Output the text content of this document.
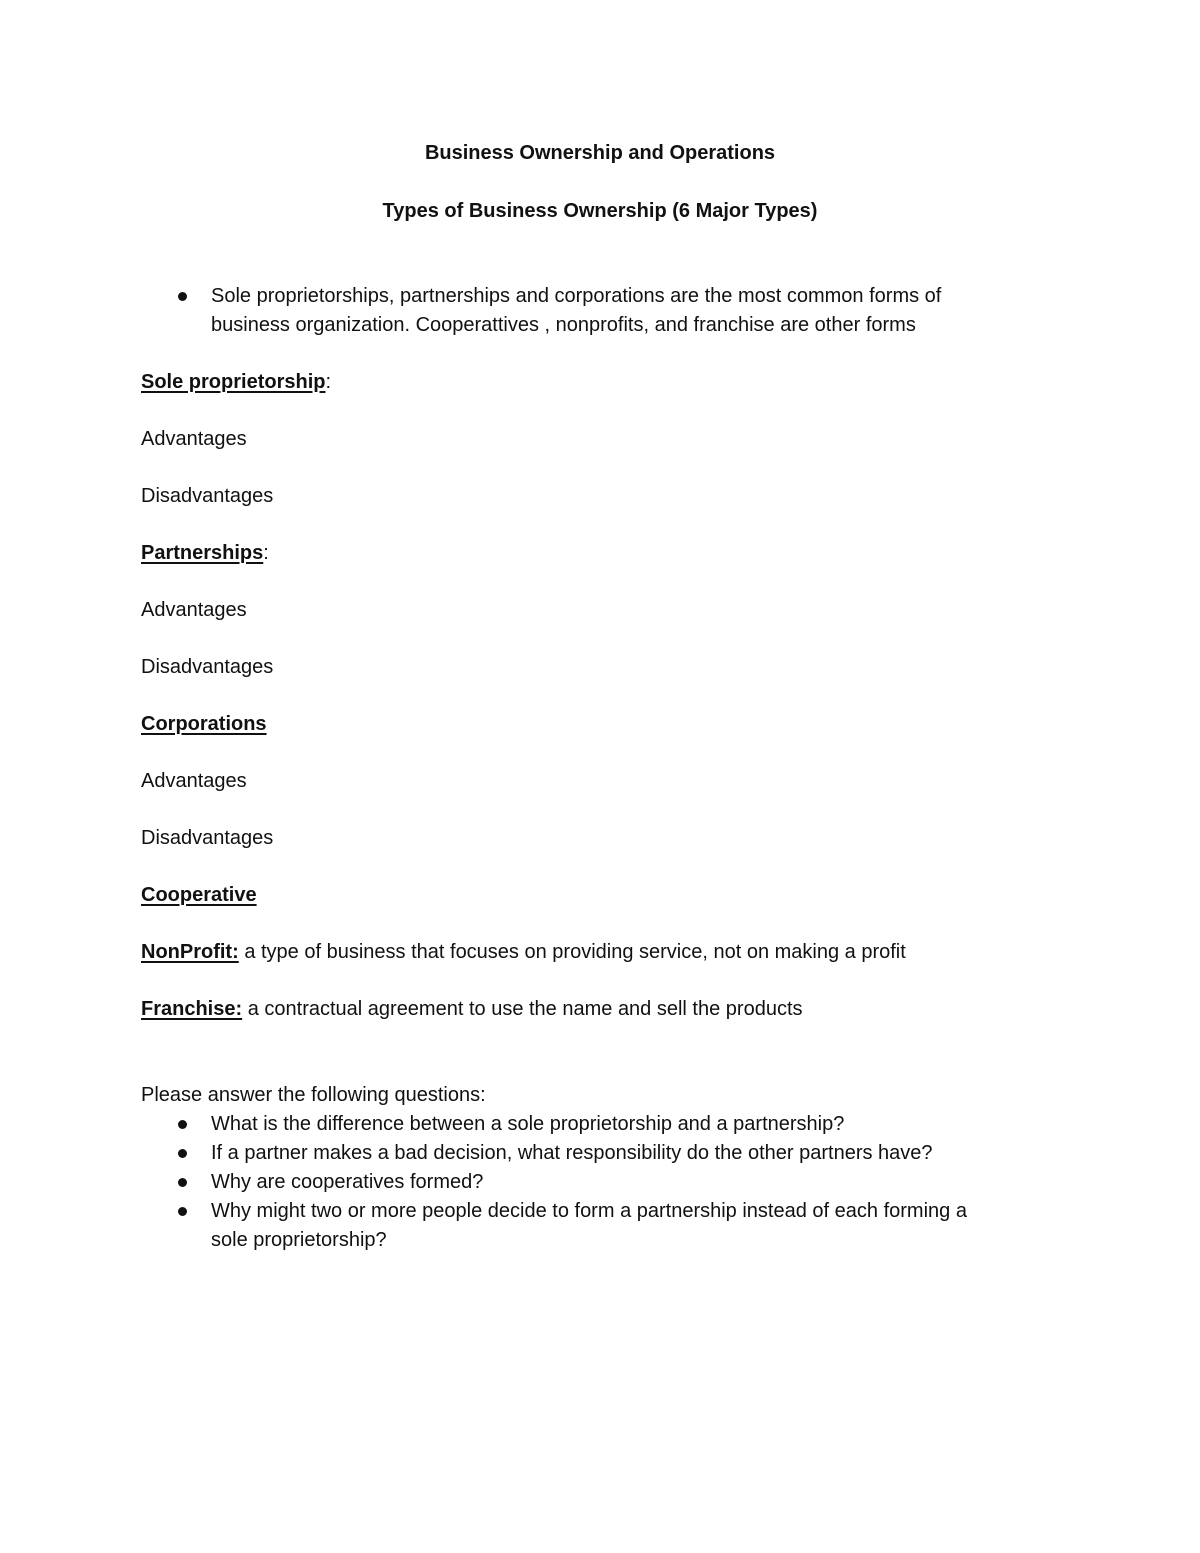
Business Ownership and Operations
Types of Business Ownership (6 Major Types)
Sole proprietorships, partnerships and corporations are the most common forms of
business organization. Cooperattives , nonprofits, and franchise are other forms
Sole proprietorship:
Advantages
Disadvantages
Partnerships:
Advantages
Disadvantages
Corporations
Advantages
Disadvantages
Cooperative
NonProfit: a type of business that focuses on providing service, not on making a profit
Franchise: a contractual agreement to use the name and sell the products
Please answer the following questions:
What is the difference between a sole proprietorship and a partnership?
If a partner makes a bad decision, what responsibility do the other partners have?
Why are cooperatives formed?
Why might two or more people decide to form a partnership instead of each forming a
sole proprietorship?
